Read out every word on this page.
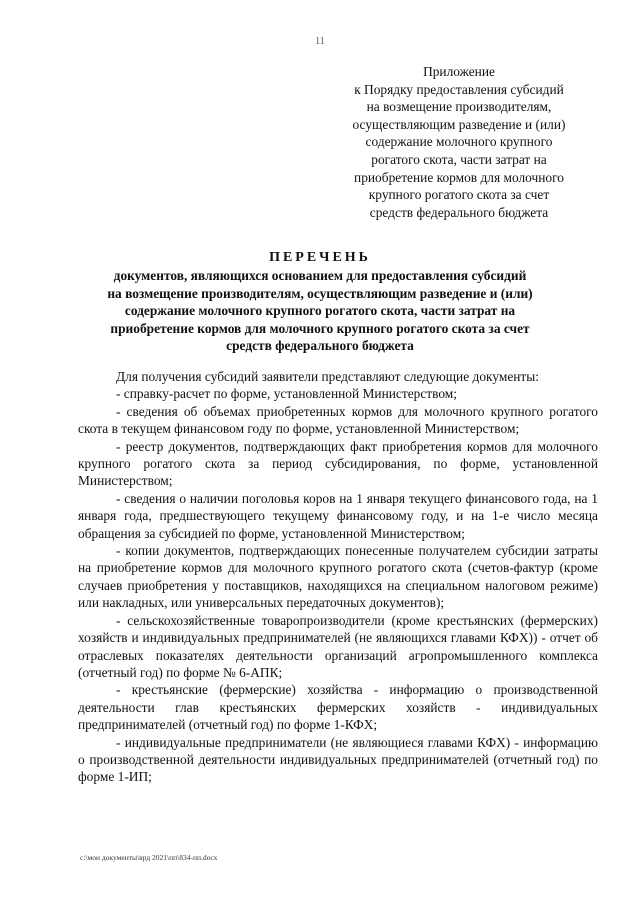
11
Приложение
к Порядку предоставления субсидий
на возмещение производителям,
осуществляющим разведение и (или)
содержание молочного крупного
рогатого скота, части затрат на
приобретение кормов для молочного
крупного рогатого скота за счет
средств федерального бюджета
ПЕРЕЧЕНЬ
документов, являющихся основанием для предоставления субсидий
на возмещение производителям, осуществляющим разведение и (или)
содержание молочного крупного рогатого скота, части затрат на
приобретение кормов для молочного крупного рогатого скота за счет
средств федерального бюджета
Для получения субсидий заявители представляют следующие документы:
- справку-расчет по форме, установленной Министерством;
- сведения об объемах приобретенных кормов для молочного крупного рогатого скота в текущем финансовом году по форме, установленной Министерством;
- реестр документов, подтверждающих факт приобретения кормов для молочного крупного рогатого скота за период субсидирования, по форме, установленной Министерством;
- сведения о наличии поголовья коров на 1 января текущего финансового года, на 1 января года, предшествующего текущему финансовому году, и на 1-е число месяца обращения за субсидией по форме, установленной Министерством;
- копии документов, подтверждающих понесенные получателем субсидии затраты на приобретение кормов для молочного крупного рогатого скота (счетов-фактур (кроме случаев приобретения у поставщиков, находящихся на специальном налоговом режиме) или накладных, или универсальных передаточных документов);
- сельскохозяйственные товаропроизводители (кроме крестьянских (фермерских) хозяйств и индивидуальных предпринимателей (не являющихся главами КФХ)) - отчет об отраслевых показателях деятельности организаций агропромышленного комплекса (отчетный год) по форме № 6-АПК;
- крестьянские (фермерские) хозяйства - информацию о производственной деятельности глав крестьянских фермерских хозяйств - индивидуальных предпринимателей (отчетный год) по форме 1-КФХ;
- индивидуальные предприниматели (не являющиеся главами КФХ) - информацию о производственной деятельности индивидуальных предпринимателей (отчетный год) по форме 1-ИП;
c:\мои документы\врд 2021\пп\834-пп.docx
